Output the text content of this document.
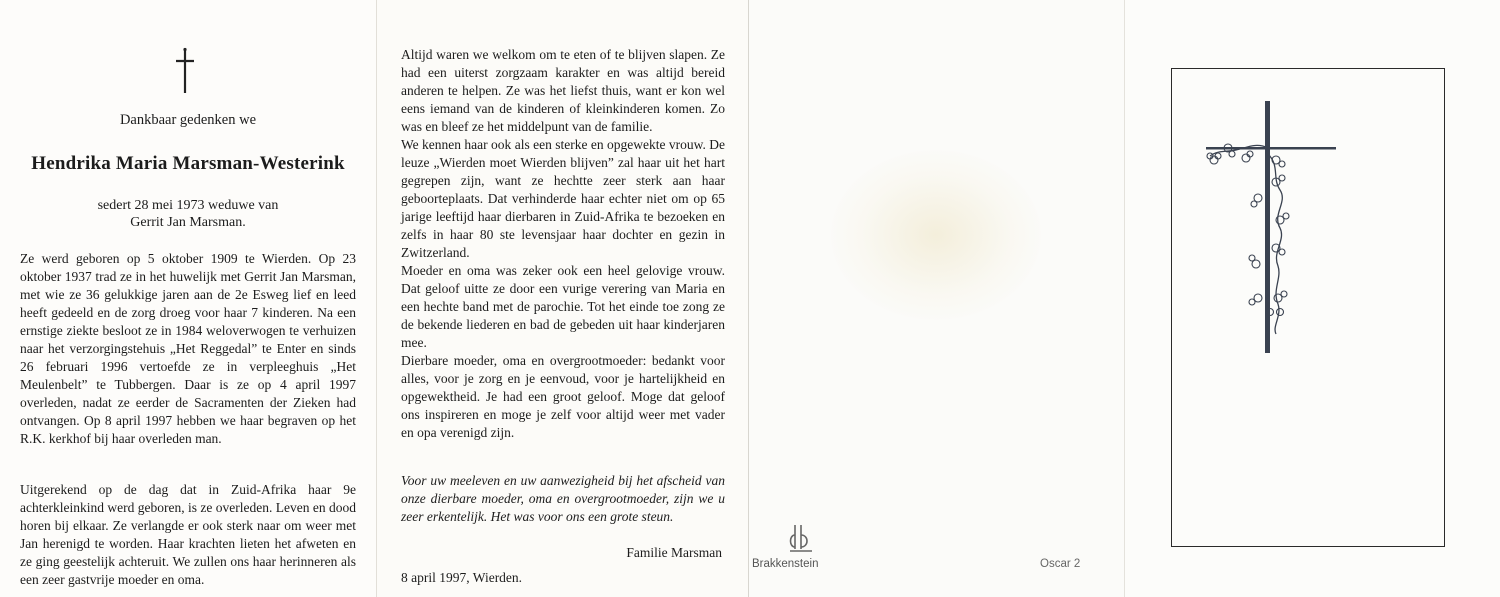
Dankbaar gedenken we
Hendrika Maria Marsman-Westerink
sedert 28 mei 1973 weduwe van
Gerrit Jan Marsman.
Ze werd geboren op 5 oktober 1909 te Wierden. Op 23 oktober 1937 trad ze in het huwelijk met Gerrit Jan Marsman, met wie ze 36 gelukkige jaren aan de 2e Esweg lief en leed heeft gedeeld en de zorg droeg voor haar 7 kinderen. Na een ernstige ziekte besloot ze in 1984 weloverwogen te verhuizen naar het verzorgingstehuis „Het Reggedal” te Enter en sinds 26 februari 1996 vertoefde ze in verpleeghuis „Het Meulenbelt” te Tubbergen. Daar is ze op 4 april 1997 overleden, nadat ze eerder de Sacramenten der Zieken had ontvangen. Op 8 april 1997 hebben we haar begraven op het R.K. kerkhof bij haar overleden man.
Uitgerekend op de dag dat in Zuid-Afrika haar 9e achterkleinkind werd geboren, is ze overleden. Leven en dood horen bij elkaar. Ze verlangde er ook sterk naar om weer met Jan herenigd te worden. Haar krachten lieten het afweten en ze ging geestelijk achteruit. We zullen ons haar herinneren als een zeer gastvrije moeder en oma.
Altijd waren we welkom om te eten of te blijven slapen. Ze had een uiterst zorgzaam karakter en was altijd bereid anderen te helpen. Ze was het liefst thuis, want er kon wel eens iemand van de kinderen of kleinkinderen komen. Zo was en bleef ze het middelpunt van de familie.
We kennen haar ook als een sterke en opgewekte vrouw. De leuze „Wierden moet Wierden blijven” zal haar uit het hart gegrepen zijn, want ze hechtte zeer sterk aan haar geboorteplaats. Dat verhinderde haar echter niet om op 65 jarige leeftijd haar dierbaren in Zuid-Afrika te bezoeken en zelfs in haar 80 ste levensjaar haar dochter en gezin in Zwitzerland.
Moeder en oma was zeker ook een heel gelovige vrouw. Dat geloof uitte ze door een vurige verering van Maria en een hechte band met de parochie. Tot het einde toe zong ze de bekende liederen en bad de gebeden uit haar kinderjaren mee.
Dierbare moeder, oma en overgrootmoeder: bedankt voor alles, voor je zorg en je eenvoud, voor je hartelijkheid en opgewektheid. Je had een groot geloof. Moge dat geloof ons inspireren en moge je zelf voor altijd weer met vader en opa verenigd zijn.
Voor uw meeleven en uw aanwezigheid bij het afscheid van onze dierbare moeder, oma en overgrootmoeder, zijn we u zeer erkentelijk. Het was voor ons een grote steun.
Familie Marsman
8 april 1997, Wierden.
Brakkenstein	Oscar 2
